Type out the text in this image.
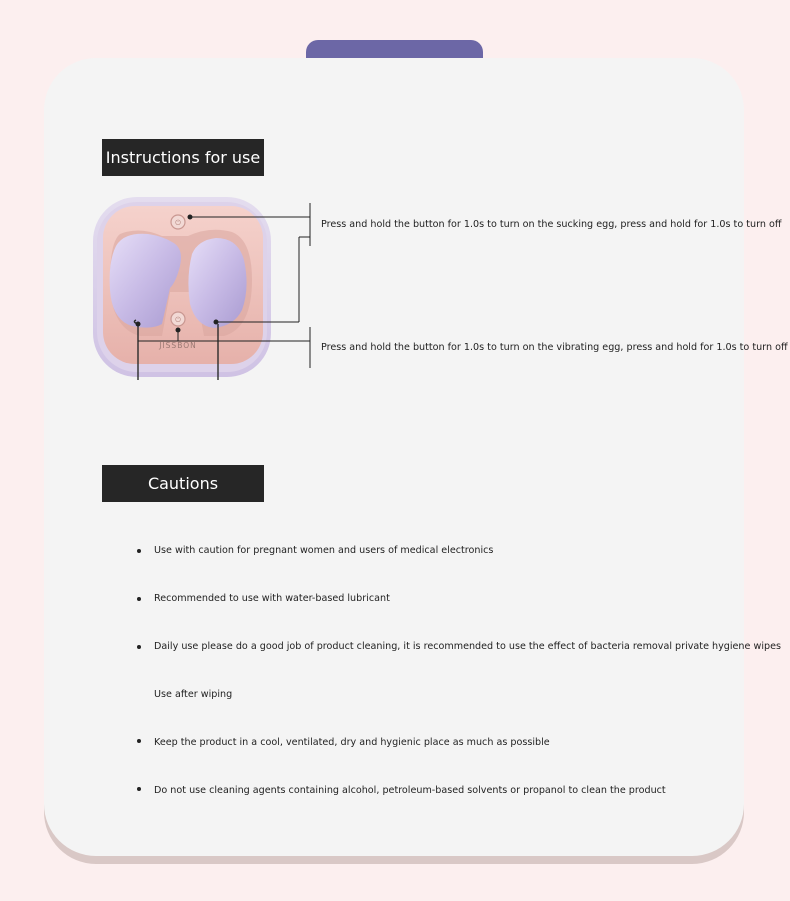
Instructions for use
⏻
⏻
JISSBON
Press and hold the button for 1.0s to turn on the sucking egg, press and hold for 1.0s to turn off
Press and hold the button for 1.0s to turn on the vibrating egg, press and hold for 1.0s to turn off
Cautions
Use with caution for pregnant women and users of medical electronics
Recommended to use with water-based lubricant
Daily use please do a good job of product cleaning, it is recommended to use the effect of bacteria removal private hygiene wipes
Use after wiping
Keep the product in a cool, ventilated, dry and hygienic place as much as possible
Do not use cleaning agents containing alcohol, petroleum-based solvents or propanol to clean the product
